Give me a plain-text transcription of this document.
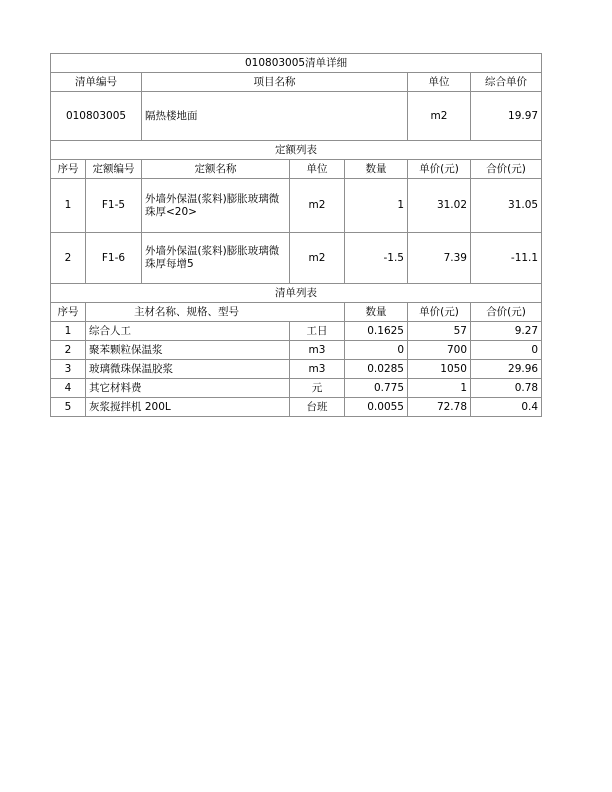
010803005清单详细						
清单编号		项目名称			单位	综合单价
010803005		隔热楼地面			m2	19.97
定额列表						
序号	定额编号	定额名称	单位	数量	单价(元)	合价(元)
1	F1-5	外墙外保温(浆料)膨胀玻璃微珠厚<20>	m2	1	31.02	31.05
2	F1-6	外墙外保温(浆料)膨胀玻璃微珠厚每增5	m2	-1.5	7.39	-11.1
清单列表						
序号	主材名称、规格、型号			数量	单价(元)	合价(元)
1	综合人工		工日	0.1625	57	9.27
2	聚苯颗粒保温浆		m3	0	700	0
3	玻璃微珠保温胶浆		m3	0.0285	1050	29.96
4	其它材料费		元	0.775	1	0.78
5	灰浆搅拌机 200L		台班	0.0055	72.78	0.4
